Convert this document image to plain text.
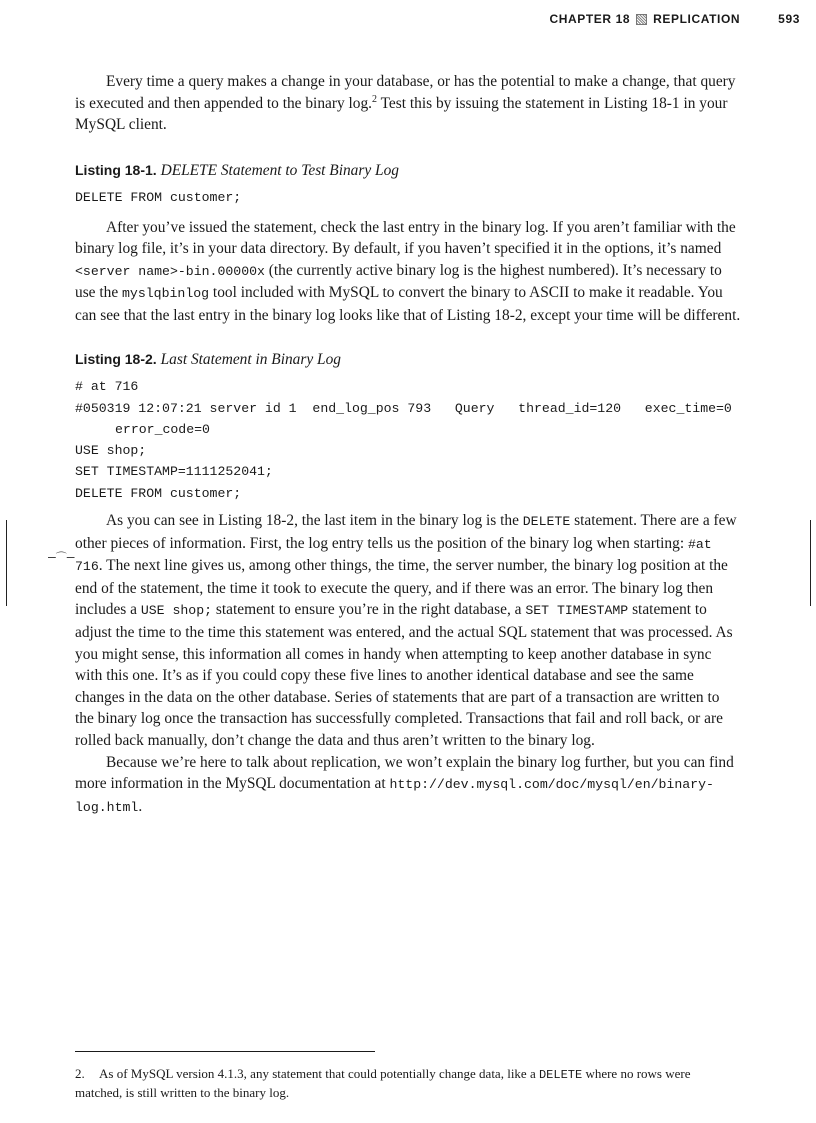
CHAPTER 18 REPLICATION	593
–⌒–

Every time a query makes a change in your database, or has the potential to make a change, that query is executed and then appended to the binary log.$^2$ Test this by issuing the statement in Listing 18-1 in your MySQL client.

Listing 18-1. DELETE Statement to Test Binary Log
DELETE FROM customer;

After you’ve issued the statement, check the last entry in the binary log. If you aren’t familiar with the binary log file, it’s in your data directory. By default, if you haven’t specified it in the options, it’s named <server name>-bin.00000x (the currently active binary log is the highest numbered). It’s necessary to use the myslqbinlog tool included with MySQL to convert the binary to ASCII to make it readable. You can see that the last entry in the binary log looks like that of Listing 18-2, except your time will be different.

Listing 18-2. Last Statement in Binary Log
# at 716
#050319 12:07:21 server id 1  end_log_pos 793   Query   thread_id=120   exec_time=0
error_code=0
USE shop;
SET TIMESTAMP=1111252041;
DELETE FROM customer;

As you can see in Listing 18-2, the last item in the binary log is the DELETE statement. There are a few other pieces of information. First, the log entry tells us the position of the binary log when starting: #at 716. The next line gives us, among other things, the time, the server number, the binary log position at the end of the statement, the time it took to execute the query, and if there was an error. The binary log then includes a USE shop; statement to ensure you’re in the right database, a SET TIMESTAMP statement to adjust the time to the time this statement was entered, and the actual SQL statement that was processed. As you might sense, this information all comes in handy when attempting to keep another database in sync with this one. It’s as if you could copy these five lines to another identical database and see the same changes in the data on the other database. Series of statements that are part of a transaction are written to the binary log once the transaction has successfully completed. Transactions that fail and roll back, or are rolled back manually, don’t change the data and thus aren’t written to the binary log.

Because we’re here to talk about replication, we won’t explain the binary log further, but you can find more information in the MySQL documentation at http://dev.mysql.com/doc/mysql/en/binary-log.html.

2. As of MySQL version 4.1.3, any statement that could potentially change data, like a DELETE where no rows were matched, is still written to the binary log.
